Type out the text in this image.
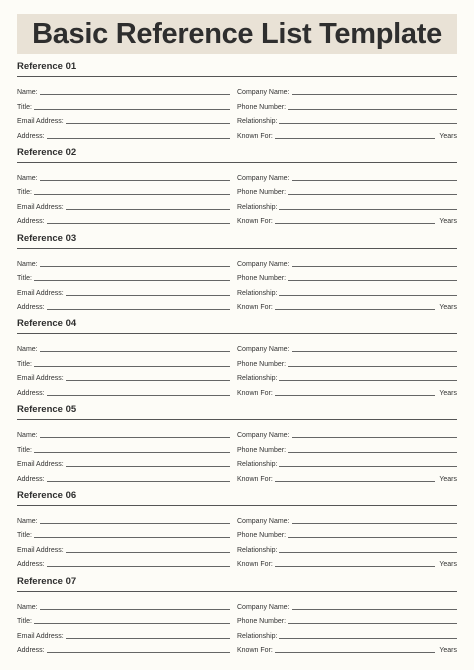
Basic Reference List Template
Reference 01
Name:	Company Name:
Title:	Phone Number:
Email Address:	Relationship:
Address:	Known For:	Years
Reference 02
Name:	Company Name:
Title:	Phone Number:
Email Address:	Relationship:
Address:	Known For:	Years
Reference 03
Name:	Company Name:
Title:	Phone Number:
Email Address:	Relationship:
Address:	Known For:	Years
Reference 04
Name:	Company Name:
Title:	Phone Number:
Email Address:	Relationship:
Address:	Known For:	Years
Reference 05
Name:	Company Name:
Title:	Phone Number:
Email Address:	Relationship:
Address:	Known For:	Years
Reference 06
Name:	Company Name:
Title:	Phone Number:
Email Address:	Relationship:
Address:	Known For:	Years
Reference 07
Name:	Company Name:
Title:	Phone Number:
Email Address:	Relationship:
Address:	Known For:	Years
